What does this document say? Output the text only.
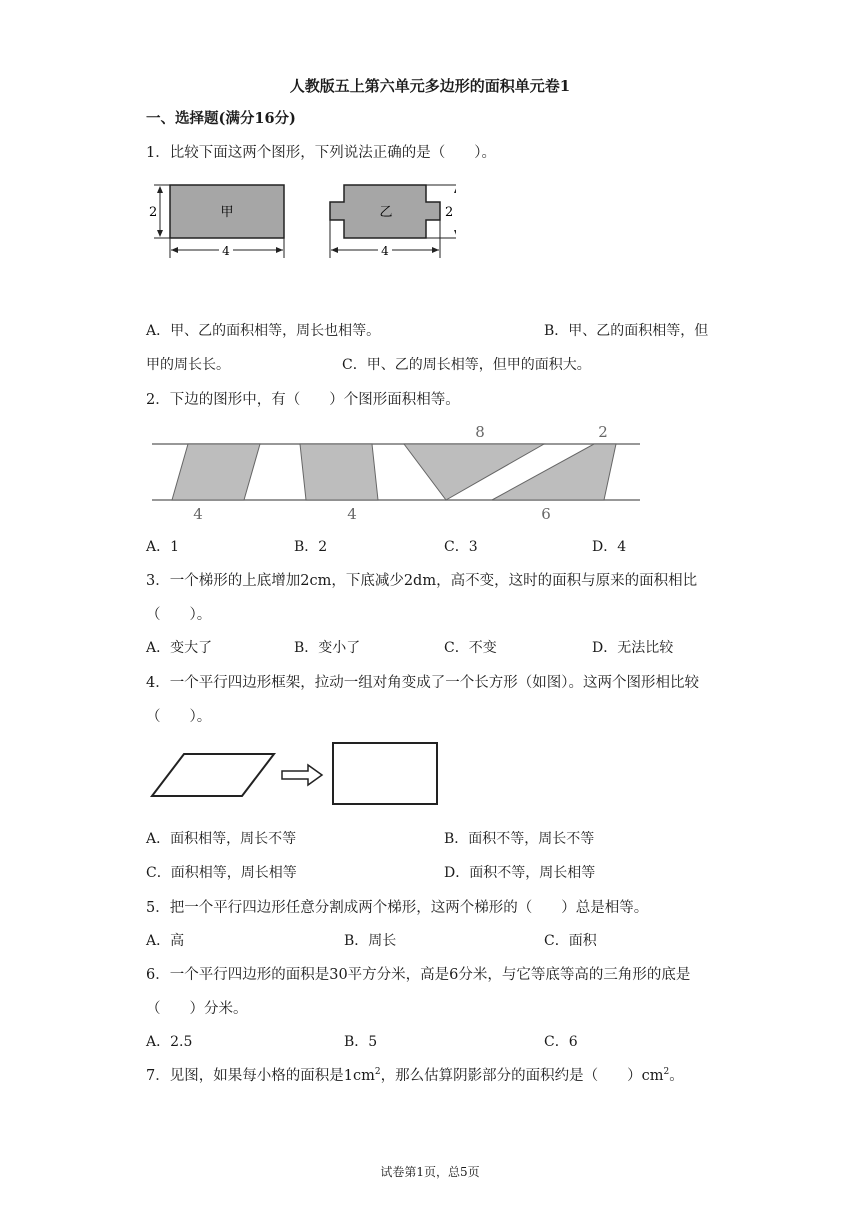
人教版五上第六单元多边形的面积单元卷1
一、选择题(满分16分)
1．比较下面这两个图形，下列说法正确的是（　　）。
甲
2
4
乙	2
4
A．甲、乙的面积相等，周长也相等。	B．甲、乙的面积相等，但
甲的周长长。	C．甲、乙的周长相等，但甲的面积大。
2．下边的图形中，有（　　）个图形面积相等。
8	2
4	4	6
A．1	B．2	C．3	D．4
3．一个梯形的上底增加2cm，下底减少2dm，高不变，这时的面积与原来的面积相比
（　　）。
A．变大了	B．变小了	C．不变	D．无法比较
4．一个平行四边形框架，拉动一组对角变成了一个长方形（如图）。这两个图形相比较
（　　）。
A．面积相等，周长不等	B．面积不等，周长不等
C．面积相等，周长相等	D．面积不等，周长相等
5．把一个平行四边形任意分割成两个梯形，这两个梯形的（　　）总是相等。
A．高	B．周长	C．面积
6．一个平行四边形的面积是30平方分米，高是6分米，与它等底等高的三角形的底是
（　　）分米。
A．2.5	B．5	C．6
7．见图，如果每小格的面积是$1cm^2$，那么估算阴影部分的面积约是（　　）$cm^2$。
试卷第1页，总5页
